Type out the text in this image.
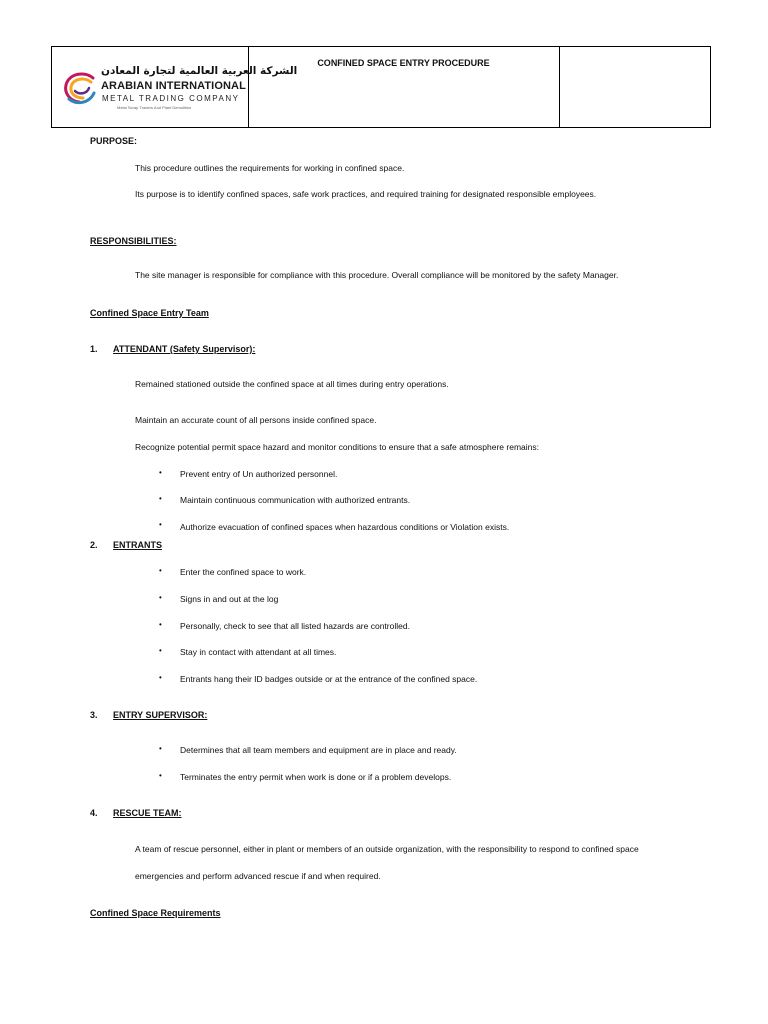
الشركة العربية العالمية لتجارة المعادن
ARABIAN INTERNATIONAL
METAL TRADING COMPANY
Metal Scrap Traders And Plant Demolition
CONFINED SPACE ENTRY PROCEDURE
PURPOSE:
This procedure outlines the requirements for working in confined space.
Its purpose is to identify confined spaces, safe work practices, and required training for designated responsible employees.
RESPONSIBILITIES:
The site manager is responsible for compliance with this procedure. Overall compliance will be monitored by the safety Manager.
Confined Space Entry Team
1. ATTENDANT (Safety Supervisor):
Remained stationed outside the confined space at all times during entry operations.
Maintain an accurate count of all persons inside confined space.
Recognize potential permit space hazard and monitor conditions to ensure that a safe atmosphere remains:
• Prevent entry of Un authorized personnel.
• Maintain continuous communication with authorized entrants.
• Authorize evacuation of confined spaces when hazardous conditions or Violation exists.
2. ENTRANTS
• Enter the confined space to work.
• Signs in and out at the log
• Personally, check to see that all listed hazards are controlled.
• Stay in contact with attendant at all times.
• Entrants hang their ID badges outside or at the entrance of the confined space.
3. ENTRY SUPERVISOR:
• Determines that all team members and equipment are in place and ready.
• Terminates the entry permit when work is done or if a problem develops.
4. RESCUE TEAM:
A team of rescue personnel, either in plant or members of an outside organization, with the responsibility to respond to confined space
emergencies and perform advanced rescue if and when required.
Confined Space Requirements
